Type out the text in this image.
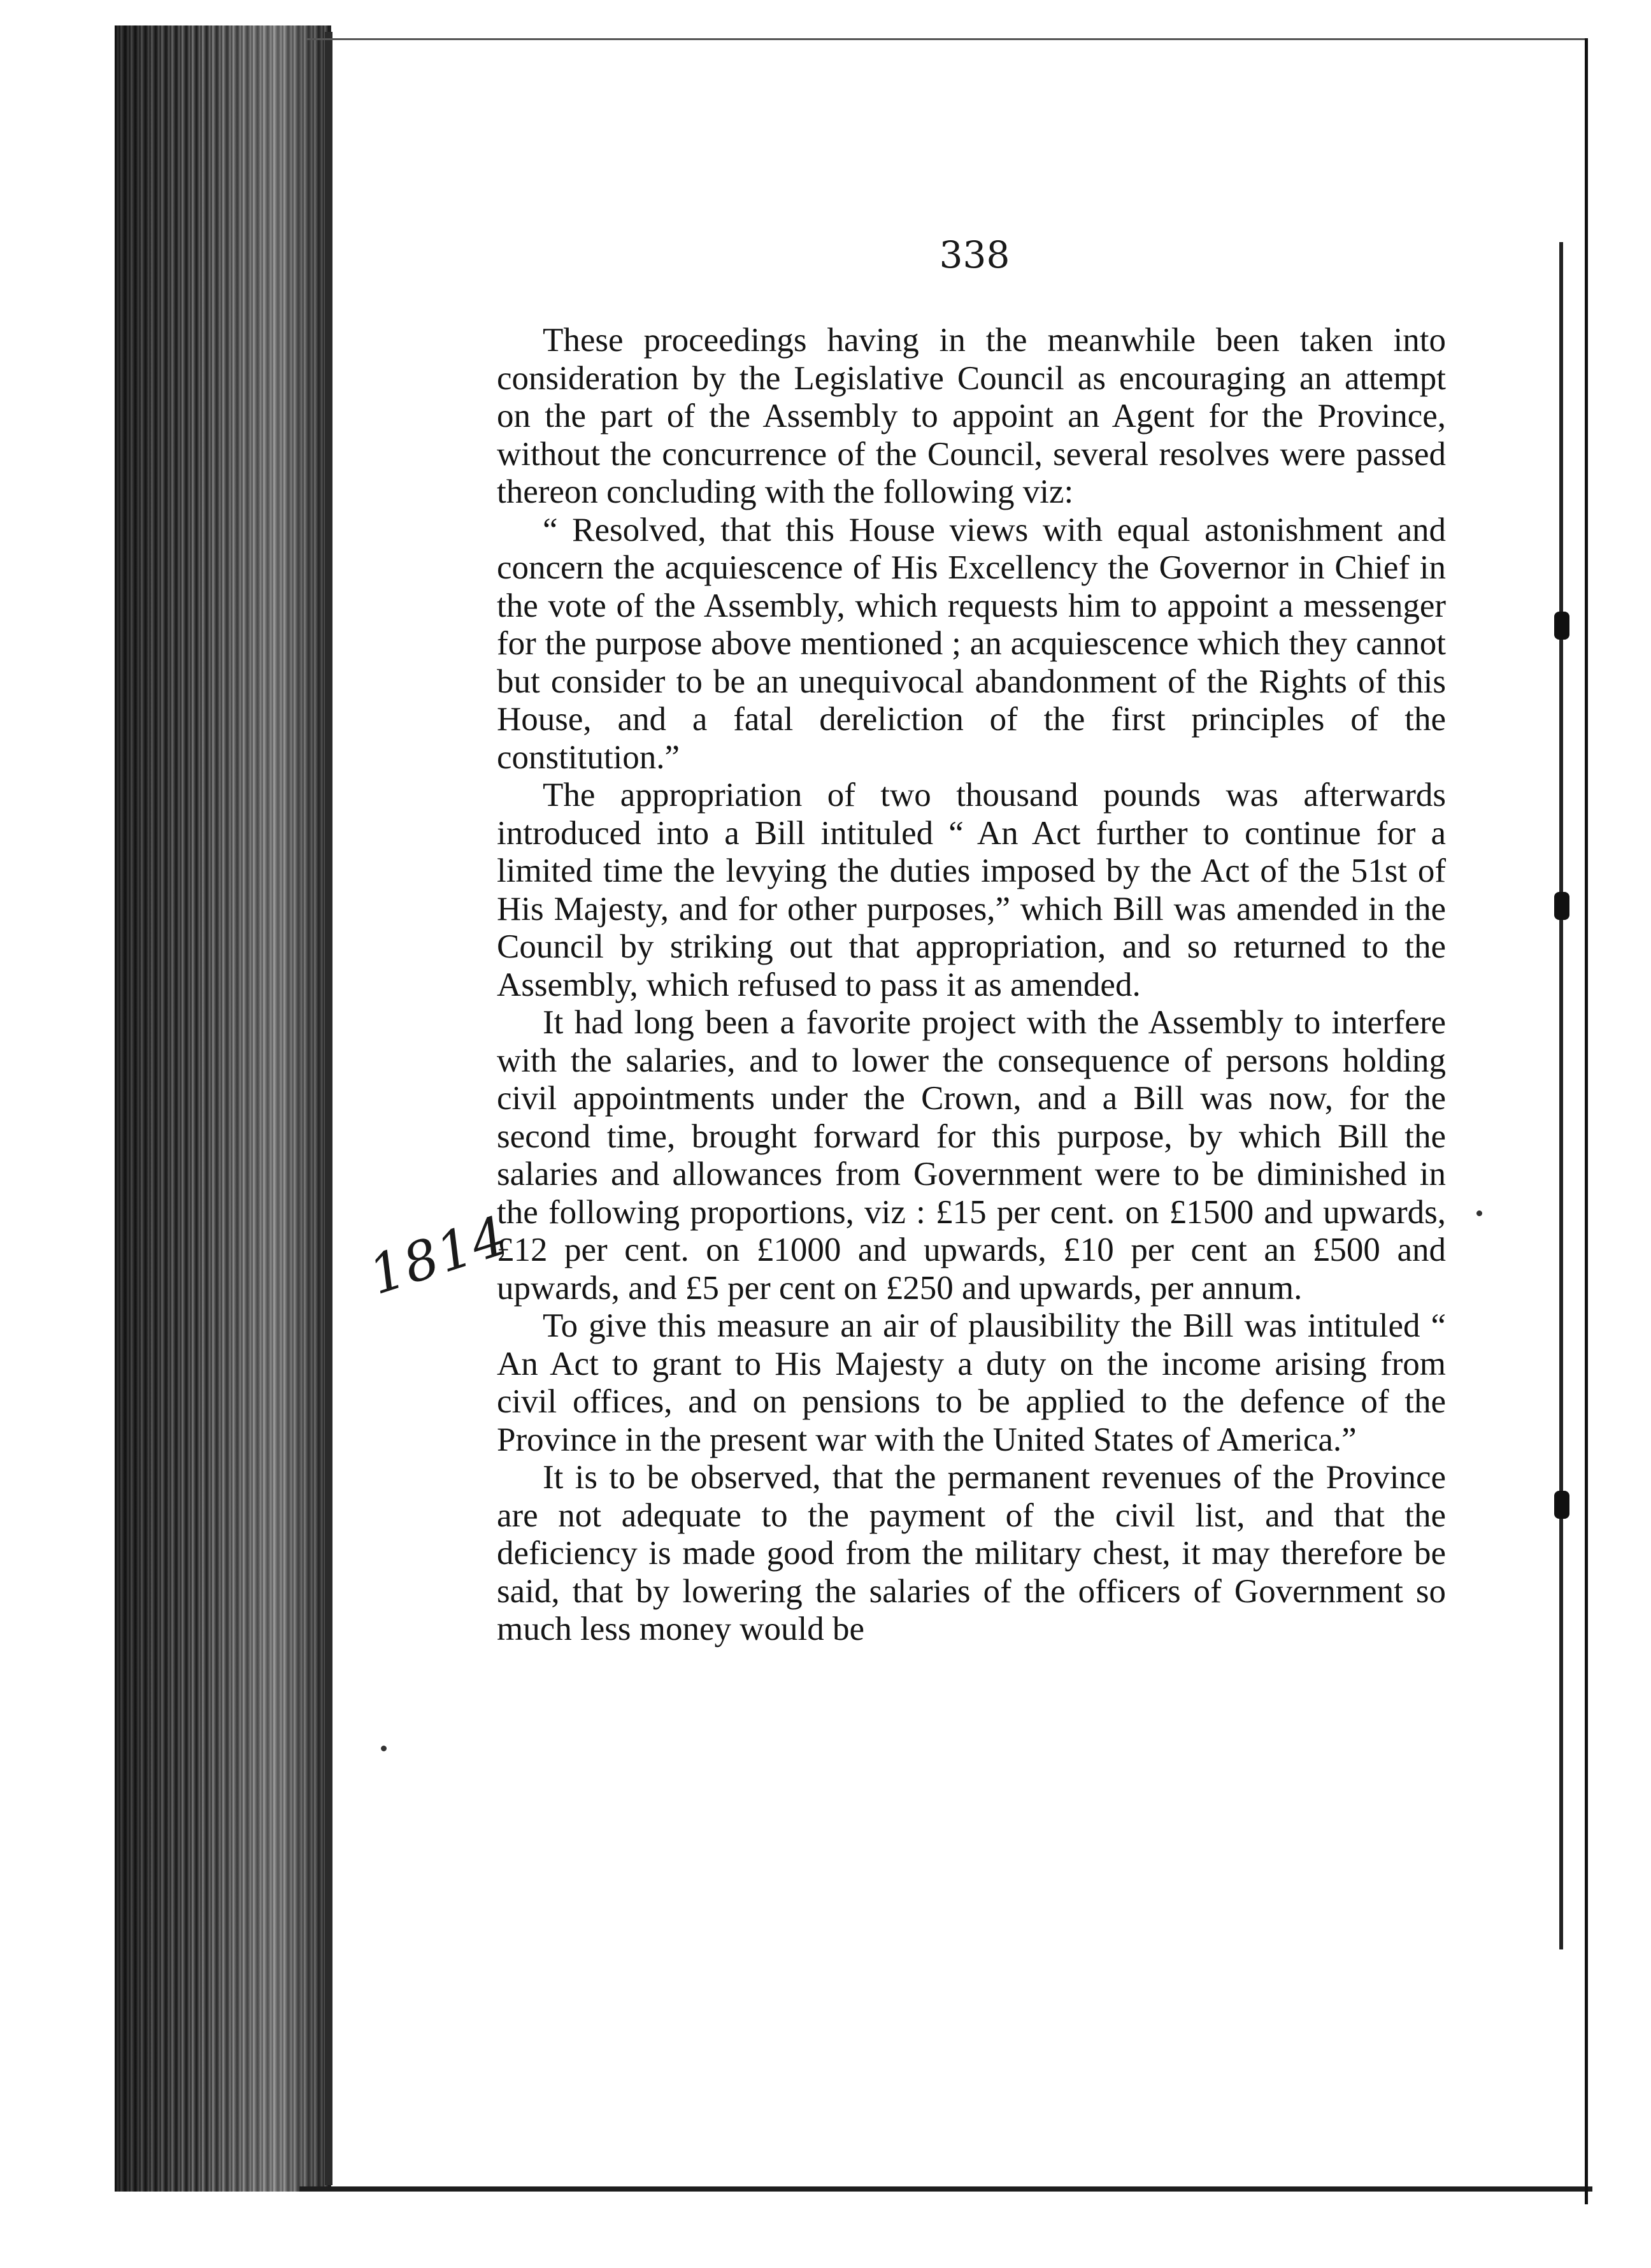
338
1814

These proceedings having in the meanwhile been taken into consideration by the Legislative Council as encouraging an attempt on the part of the Assembly to appoint an Agent for the Province, without the concurrence of the Council, several resolves were passed thereon concluding with the following viz:

“ Resolved, that this House views with equal astonishment and concern the acquiescence of His Excellency the Governor in Chief in the vote of the Assembly, which requests him to appoint a messenger for the purpose above mentioned ; an acquiescence which they cannot but consider to be an unequivocal abandonment of the Rights of this House, and a fatal dereliction of the first principles of the constitution.”

The appropriation of two thousand pounds was afterwards introduced into a Bill intituled “ An Act further to continue for a limited time the levying the duties imposed by the Act of the 51st of His Majesty, and for other purposes,” which Bill was amended in the Council by striking out that appropriation, and so returned to the Assembly, which refused to pass it as amended.

It had long been a favorite project with the Assembly to interfere with the salaries, and to lower the consequence of persons holding civil appointments under the Crown, and a Bill was now, for the second time, brought forward for this purpose, by which Bill the salaries and allowances from Government were to be diminished in the following proportions, viz : £15 per cent. on £1500 and upwards, £12 per cent. on £1000 and upwards, £10 per cent an £500 and upwards, and £5 per cent on £250 and upwards, per annum.

To give this measure an air of plausibility the Bill was intituled “ An Act to grant to His Majesty a duty on the income arising from civil offices, and on pensions to be applied to the defence of the Province in the present war with the United States of America.”

It is to be observed, that the permanent revenues of the Province are not adequate to the payment of the civil list, and that the deficiency is made good from the military chest, it may therefore be said, that by lowering the salaries of the officers of Government so much less money would be
